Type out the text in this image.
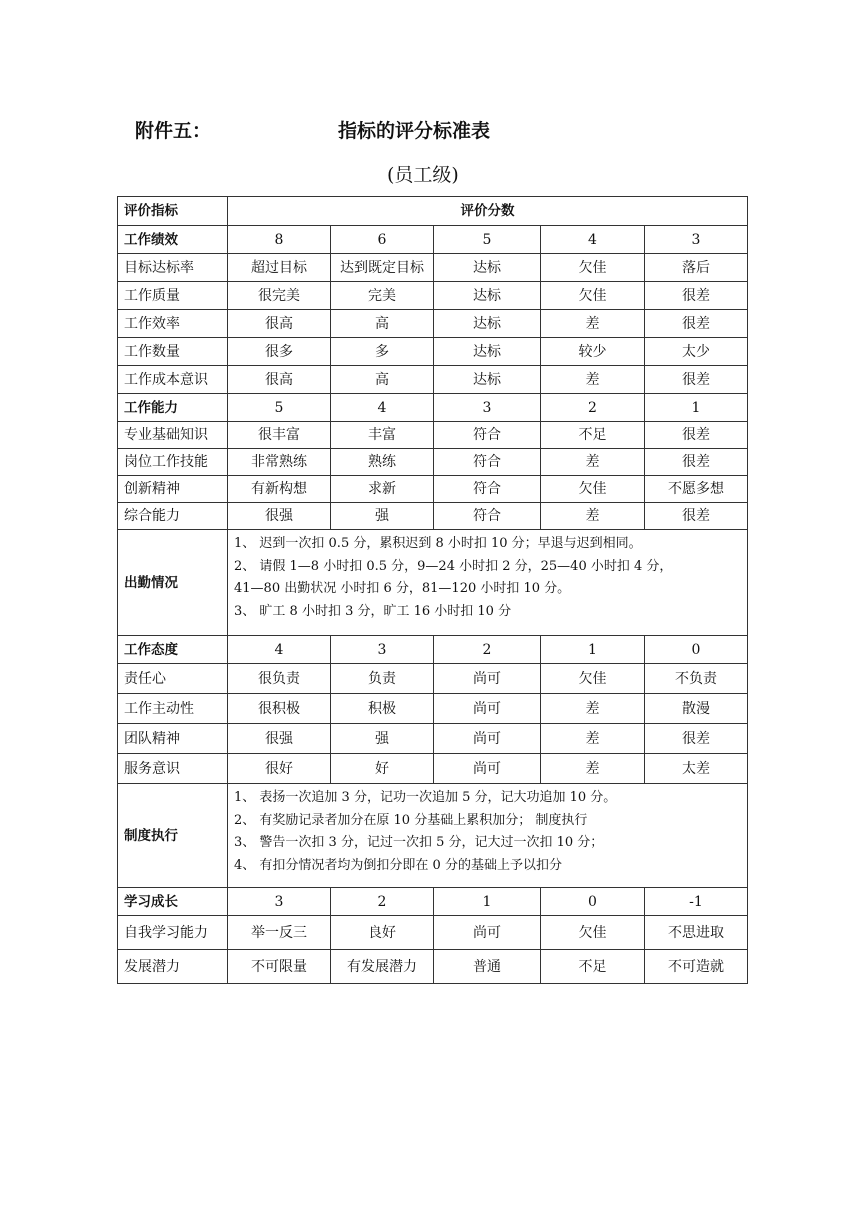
附件五：	指标的评分标准表

(员工级)

评价指标	评价分数				
工作绩效	8	6	5	4	3
目标达标率	超过目标	达到既定目标	达标	欠佳	落后
工作质量	很完美	完美	达标	欠佳	很差
工作效率	很高	高	达标	差	很差
工作数量	很多	多	达标	较少	太少
工作成本意识	很高	高	达标	差	很差
工作能力	5	4	3	2	1
专业基础知识	很丰富	丰富	符合	不足	很差
岗位工作技能	非常熟练	熟练	符合	差	很差
创新精神	有新构想	求新	符合	欠佳	不愿多想
综合能力	很强	强	符合	差	很差
出勤情况	1、 迟到一次扣 0.5 分，累积迟到 8 小时扣 10 分；早退与迟到相同。
2、 请假 1—8 小时扣 0.5 分，9—24 小时扣 2 分，25—40 小时扣 4 分，
41—80 出勤状况 小时扣 6 分，81—120 小时扣 10 分。
3、 旷工 8 小时扣 3 分，旷工 16 小时扣 10 分				

工作态度	4	3	2	1	0
责任心	很负责	负责	尚可	欠佳	不负责
工作主动性	很积极	积极	尚可	差	散漫
团队精神	很强	强	尚可	差	很差
服务意识	很好	好	尚可	差	太差
制度执行	1、 表扬一次追加 3 分，记功一次追加 5 分，记大功追加 10 分。
2、 有奖励记录者加分在原 10 分基础上累积加分； 制度执行
3、 警告一次扣 3 分，记过一次扣 5 分，记大过一次扣 10 分；
4、 有扣分情况者均为倒扣分即在 0 分的基础上予以扣分				

学习成长	3	2	1	0	-1
自我学习能力	举一反三	良好	尚可	欠佳	不思进取
发展潜力	不可限量	有发展潜力	普通	不足	不可造就
